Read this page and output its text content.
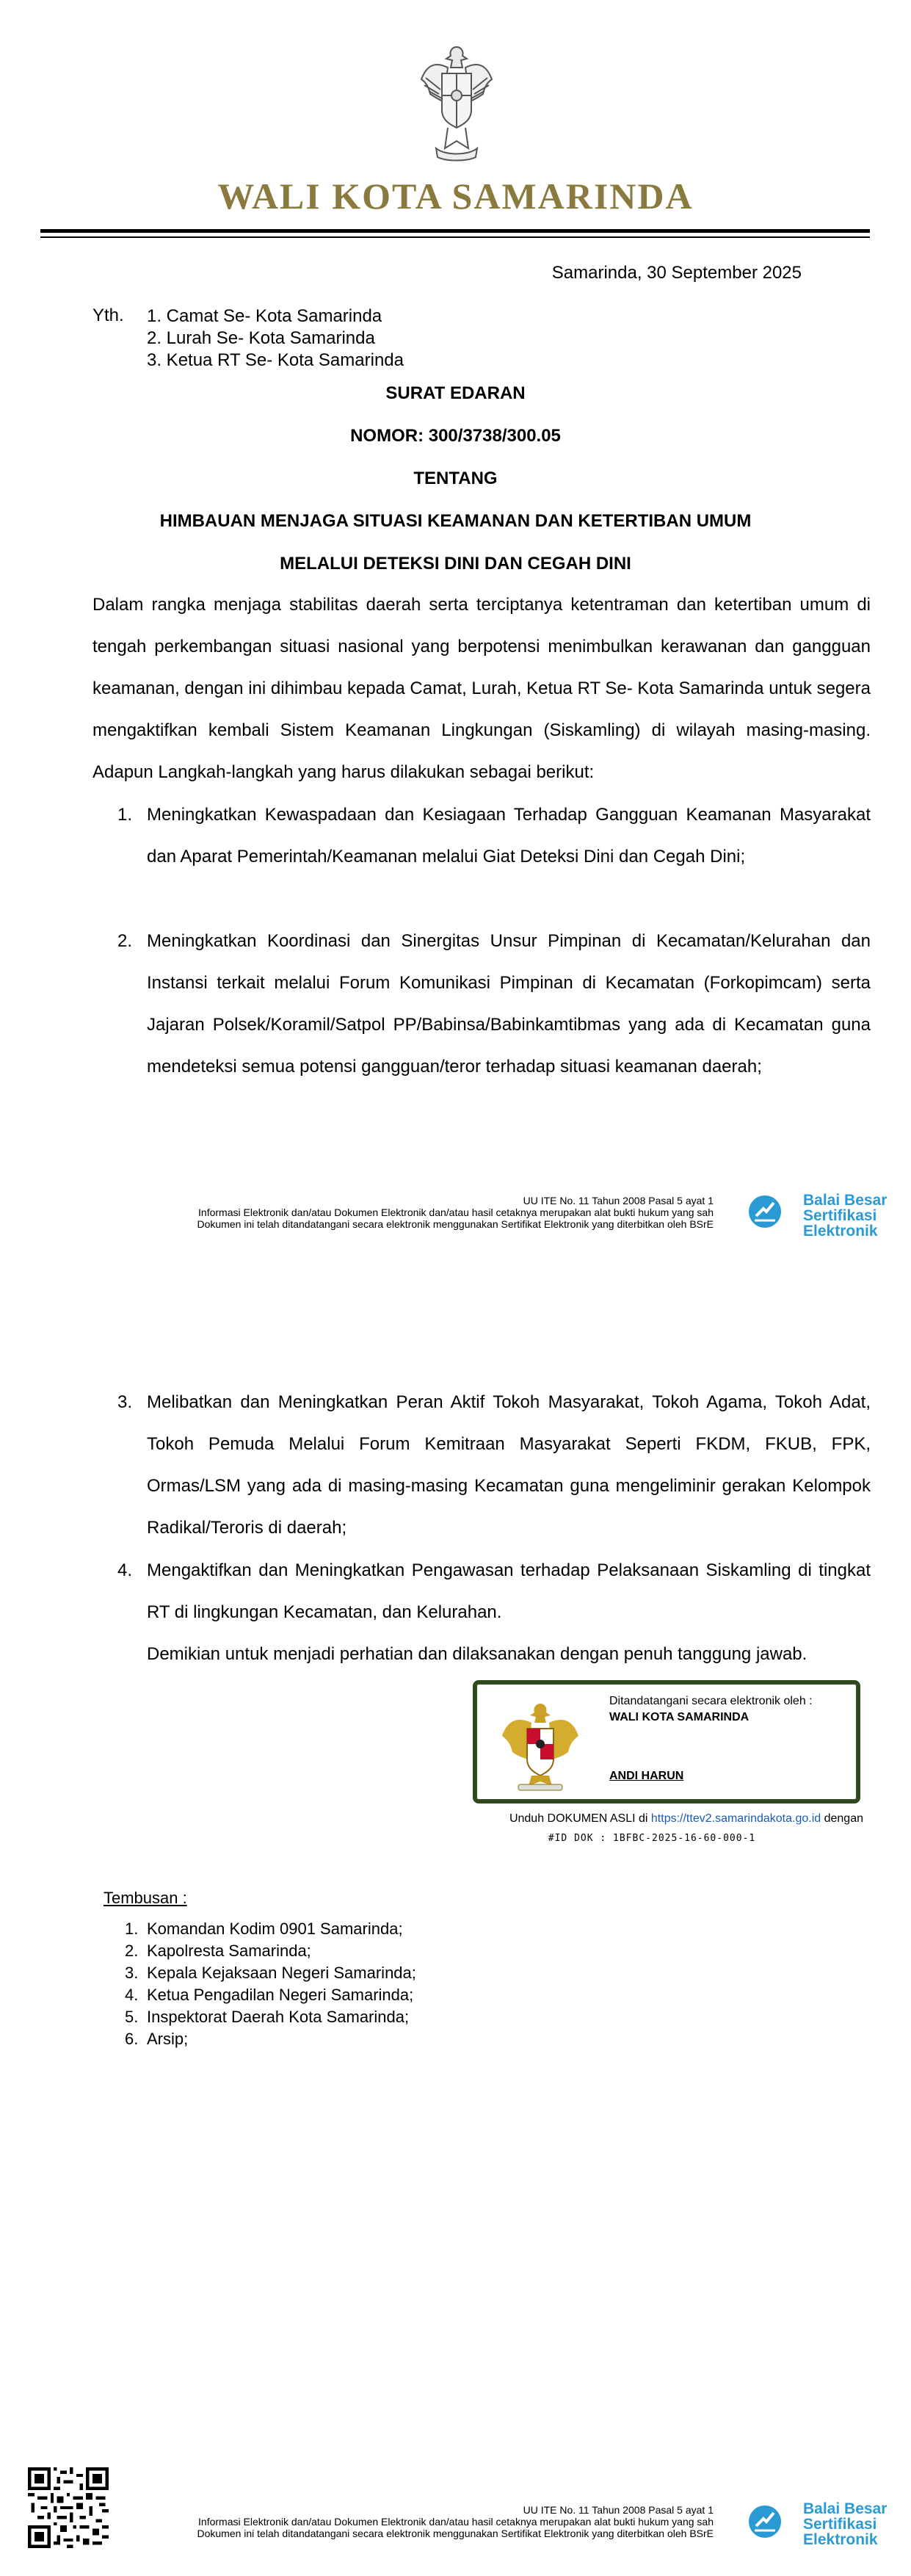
WALI KOTA SAMARINDA
Samarinda, 30 September 2025
Yth. 1. Camat Se- Kota Samarinda
2. Lurah Se- Kota Samarinda
3. Ketua RT Se- Kota Samarinda
SURAT EDARAN
NOMOR: 300/3738/300.05
TENTANG
HIMBAUAN MENJAGA SITUASI KEAMANAN DAN KETERTIBAN UMUM
MELALUI DETEKSI DINI DAN CEGAH DINI

Dalam rangka menjaga stabilitas daerah serta terciptanya ketentraman dan ketertiban umum di tengah perkembangan situasi nasional yang berpotensi menimbulkan kerawanan dan gangguan keamanan, dengan ini dihimbau kepada Camat, Lurah, Ketua RT Se- Kota Samarinda untuk segera mengaktifkan kembali Sistem Keamanan Lingkungan (Siskamling) di wilayah masing-masing. Adapun Langkah-langkah yang harus dilakukan sebagai berikut:

1. Meningkatkan Kewaspadaan dan Kesiagaan Terhadap Gangguan Keamanan Masyarakat dan Aparat Pemerintah/Keamanan melalui Giat Deteksi Dini dan Cegah Dini;
2. Meningkatkan Koordinasi dan Sinergitas Unsur Pimpinan di Kecamatan/Kelurahan dan Instansi terkait melalui Forum Komunikasi Pimpinan di Kecamatan (Forkopimcam) serta Jajaran Polsek/Koramil/Satpol PP/Babinsa/Babinkamtibmas yang ada di Kecamatan guna mendeteksi semua potensi gangguan/teror terhadap situasi keamanan daerah;
UU ITE No. 11 Tahun 2008 Pasal 5 ayat 1
Informasi Elektronik dan/atau Dokumen Elektronik dan/atau hasil cetaknya merupakan alat bukti hukum yang sah
Dokumen ini telah ditandatangani secara elektronik menggunakan Sertifikat Elektronik yang diterbitkan oleh BSrE
Balai Besar
Sertifikasi
Elektronik
3. Melibatkan dan Meningkatkan Peran Aktif Tokoh Masyarakat, Tokoh Agama, Tokoh Adat, Tokoh Pemuda Melalui Forum Kemitraan Masyarakat Seperti FKDM, FKUB, FPK, Ormas/LSM yang ada di masing-masing Kecamatan guna mengeliminir gerakan Kelompok Radikal/Teroris di daerah;
4. Mengaktifkan dan Meningkatkan Pengawasan terhadap Pelaksanaan Siskamling di tingkat RT di lingkungan Kecamatan, dan Kelurahan.
Demikian untuk menjadi perhatian dan dilaksanakan dengan penuh tanggung jawab.
Ditandatangani secara elektronik oleh :
WALI KOTA SAMARINDA
ANDI HARUN
Unduh DOKUMEN ASLI di https://ttev2.samarindakota.go.id dengan
#ID DOK : 1BFBC-2025-16-60-000-1
Tembusan :
1. Komandan Kodim 0901 Samarinda;
2. Kapolresta Samarinda;
3. Kepala Kejaksaan Negeri Samarinda;
4. Ketua Pengadilan Negeri Samarinda;
5. Inspektorat Daerah Kota Samarinda;
6. Arsip;
UU ITE No. 11 Tahun 2008 Pasal 5 ayat 1
Informasi Elektronik dan/atau Dokumen Elektronik dan/atau hasil cetaknya merupakan alat bukti hukum yang sah
Dokumen ini telah ditandatangani secara elektronik menggunakan Sertifikat Elektronik yang diterbitkan oleh BSrE
Balai Besar
Sertifikasi
Elektronik
